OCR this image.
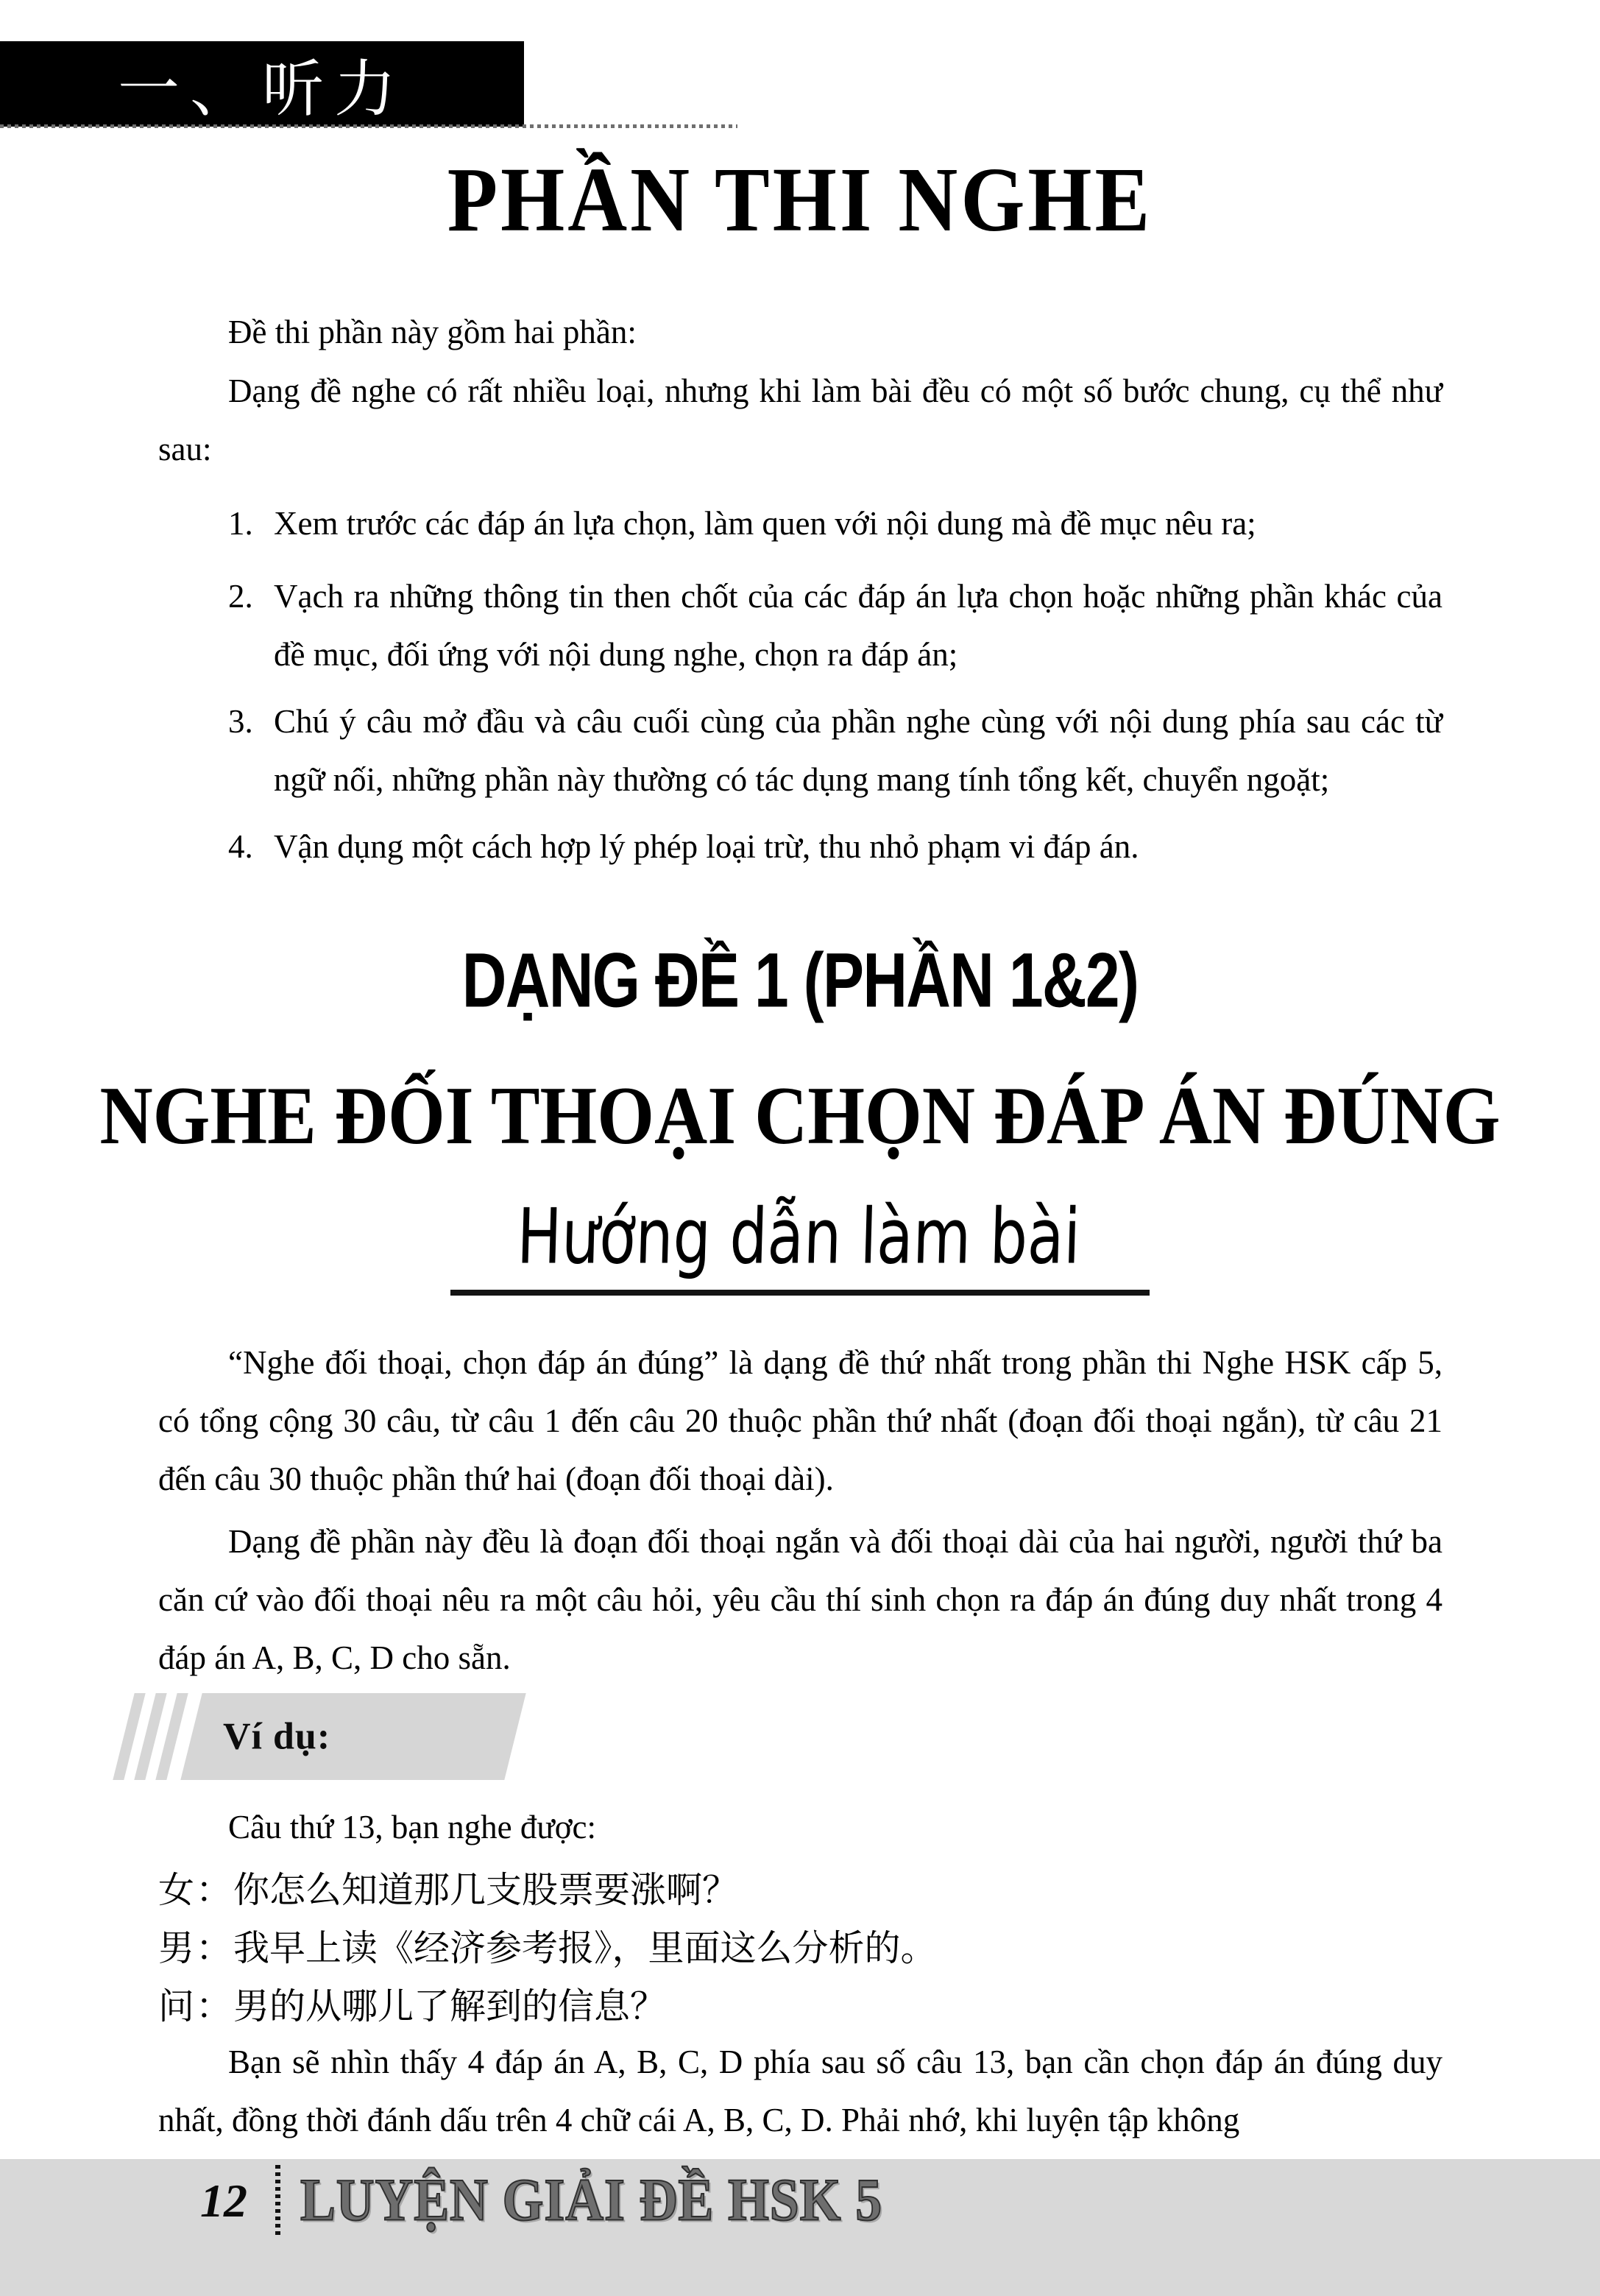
一、听力
PHẦN THI NGHE

Đề thi phần này gồm hai phần:

Dạng đề nghe có rất nhiều loại, nhưng khi làm bài đều có một số bước chung, cụ thể như sau:

1. Xem trước các đáp án lựa chọn, làm quen với nội dung mà đề mục nêu ra;
2. Vạch ra những thông tin then chốt của các đáp án lựa chọn hoặc những phần khác của đề mục, đối ứng với nội dung nghe, chọn ra đáp án;
3. Chú ý câu mở đầu và câu cuối cùng của phần nghe cùng với nội dung phía sau các từ ngữ nối, những phần này thường có tác dụng mang tính tổng kết, chuyển ngoặt;
4. Vận dụng một cách hợp lý phép loại trừ, thu nhỏ phạm vi đáp án.
DẠNG ĐỀ 1 (PHẦN 1&2)
NGHE ĐỐI THOẠI CHỌN ĐÁP ÁN ĐÚNG
Hướng dẫn làm bài

“Nghe đối thoại, chọn đáp án đúng” là dạng đề thứ nhất trong phần thi Nghe HSK cấp 5, có tổng cộng 30 câu, từ câu 1 đến câu 20 thuộc phần thứ nhất (đoạn đối thoại ngắn), từ câu 21 đến câu 30 thuộc phần thứ hai (đoạn đối thoại dài).

Dạng đề phần này đều là đoạn đối thoại ngắn và đối thoại dài của hai người, người thứ ba căn cứ vào đối thoại nêu ra một câu hỏi, yêu cầu thí sinh chọn ra đáp án đúng duy nhất trong 4 đáp án A, B, C, D cho sẵn.

Ví dụ:

Câu thứ 13, bạn nghe được:

女：你怎么知道那几支股票要涨啊？

男：我早上读《经济参考报》，里面这么分析的。

问：男的从哪儿了解到的信息？

Bạn sẽ nhìn thấy 4 đáp án A, B, C, D phía sau số câu 13, bạn cần chọn đáp án đúng duy nhất, đồng thời đánh dấu trên 4 chữ cái A, B, C, D. Phải nhớ, khi luyện tập không

12 LUYỆN GIẢI ĐỀ HSK 5
